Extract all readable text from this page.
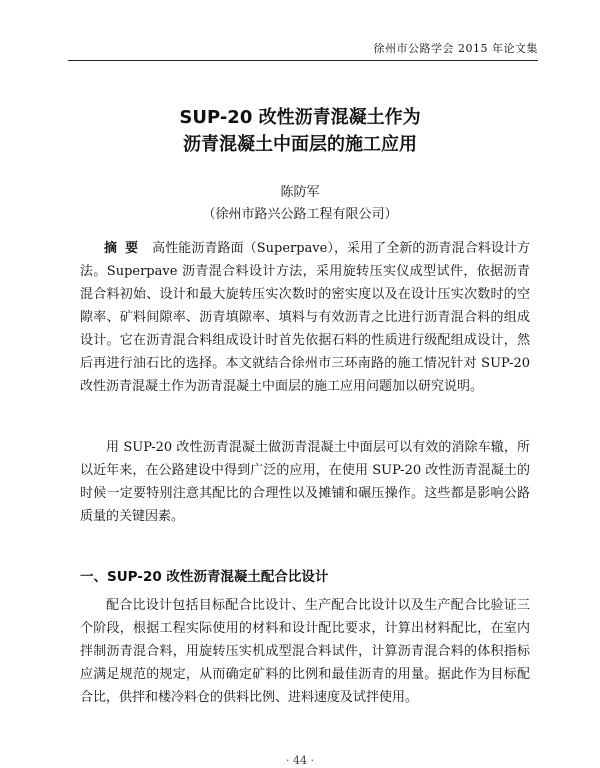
徐州市公路学会 2015 年论文集
SUP-20 改性沥青混凝土作为
沥青混凝土中面层的施工应用
陈防军
（徐州市路兴公路工程有限公司）
摘要 高性能沥青路面（Superpave），采用了全新的沥青混合料设计方法。Superpave 沥青混合料设计方法，采用旋转压实仪成型试件，依据沥青混合料初始、设计和最大旋转压实次数时的密实度以及在设计压实次数时的空隙率、矿料间隙率、沥青填隙率、填料与有效沥青之比进行沥青混合料的组成设计。它在沥青混合料组成设计时首先依据石料的性质进行级配组成设计，然后再进行油石比的选择。本文就结合徐州市三环南路的施工情况针对 SUP-20 改性沥青混凝土作为沥青混凝土中面层的施工应用问题加以研究说明。

用 SUP-20 改性沥青混凝土做沥青混凝土中面层可以有效的消除车辙，所以近年来，在公路建设中得到广泛的应用，在使用 SUP-20 改性沥青混凝土的时候一定要特别注意其配比的合理性以及摊铺和碾压操作。这些都是影响公路质量的关键因素。

一、SUP-20 改性沥青混凝土配合比设计

配合比设计包括目标配合比设计、生产配合比设计以及生产配合比验证三个阶段，根据工程实际使用的材料和设计配比要求，计算出材料配比，在室内拌制沥青混合料，用旋转压实机成型混合料试件，计算沥青混合料的体积指标应满足规范的规定，从而确定矿料的比例和最佳沥青的用量。据此作为目标配合比，供拌和楼冷料仓的供料比例、进料速度及试拌使用。

· 44 ·
